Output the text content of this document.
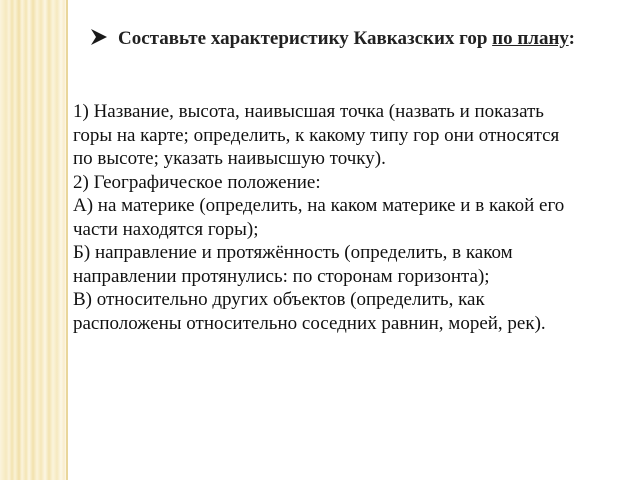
Составьте характеристику Кавказских гор по плану:

1) Название, высота, наивысшая точка (назвать и показать горы на карте; определить, к какому типу гор они относятся по высоте; указать наивысшую точку).

2) Географическое положение:

А) на материке (определить, на каком материке и в какой его части находятся горы);

Б) направление и протяжённость (определить, в каком направлении протянулись: по сторонам горизонта);

В) относительно других объектов (определить, как расположены относительно соседних равнин, морей, рек).
